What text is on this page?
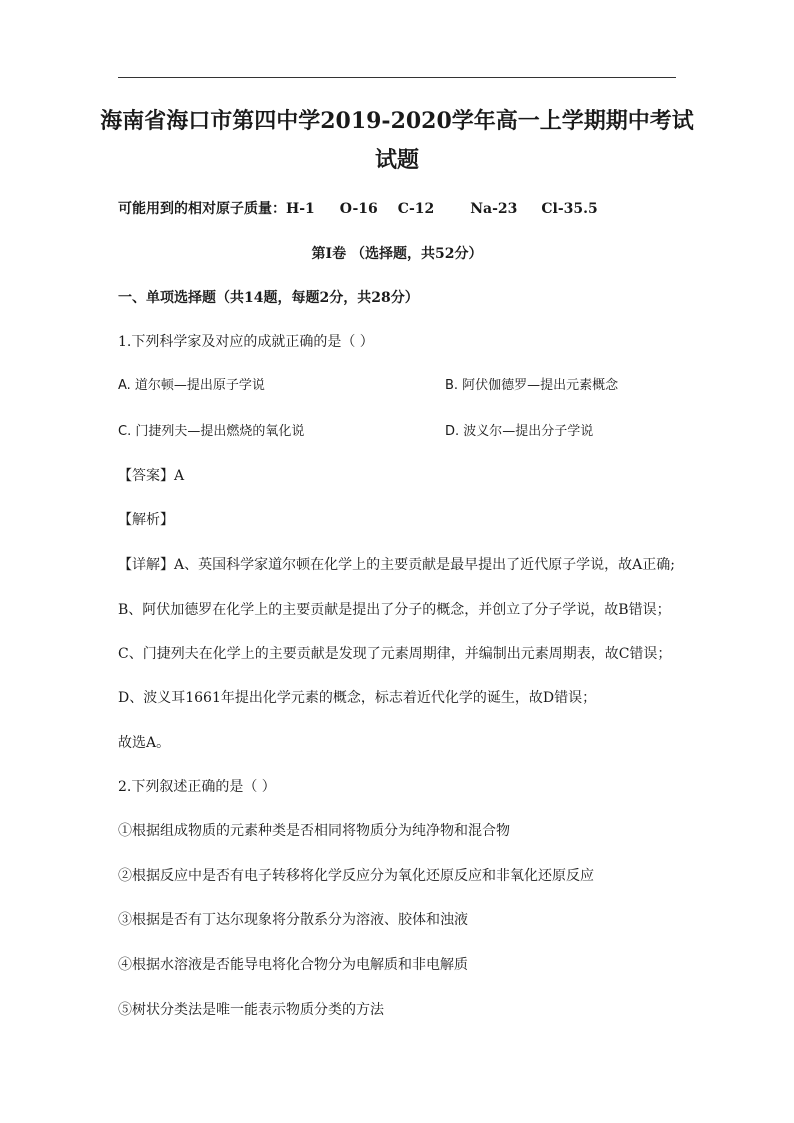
海南省海口市第四中学2019-2020学年高一上学期期中考试
试题
可能用到的相对原子质量：H-1 O-16 C-12	Na-23 Cl-35.5
第Ⅰ卷 （选择题，共52分）
一、单项选择题（共14题，每题2分，共28分）
1.下列科学家及对应的成就正确的是（ ）
A. 道尔顿—提出原子学说	B. 阿伏伽德罗—提出元素概念
C. 门捷列夫—提出燃烧的氧化说	D. 波义尔—提出分子学说
【答案】A
【解析】
【详解】A、英国科学家道尔顿在化学上的主要贡献是最早提出了近代原子学说，故A正确;
B、阿伏加德罗在化学上的主要贡献是提出了分子的概念，并创立了分子学说，故B错误；
C、门捷列夫在化学上的主要贡献是发现了元素周期律，并编制出元素周期表，故C错误；
D、波义耳1661年提出化学元素的概念，标志着近代化学的诞生，故D错误；
故选A。
2.下列叙述正确的是（ ）
①根据组成物质的元素种类是否相同将物质分为纯净物和混合物
②根据反应中是否有电子转移将化学反应分为氧化还原反应和非氧化还原反应
③根据是否有丁达尔现象将分散系分为溶液、胶体和浊液
④根据水溶液是否能导电将化合物分为电解质和非电解质
⑤树状分类法是唯一能表示物质分类的方法
